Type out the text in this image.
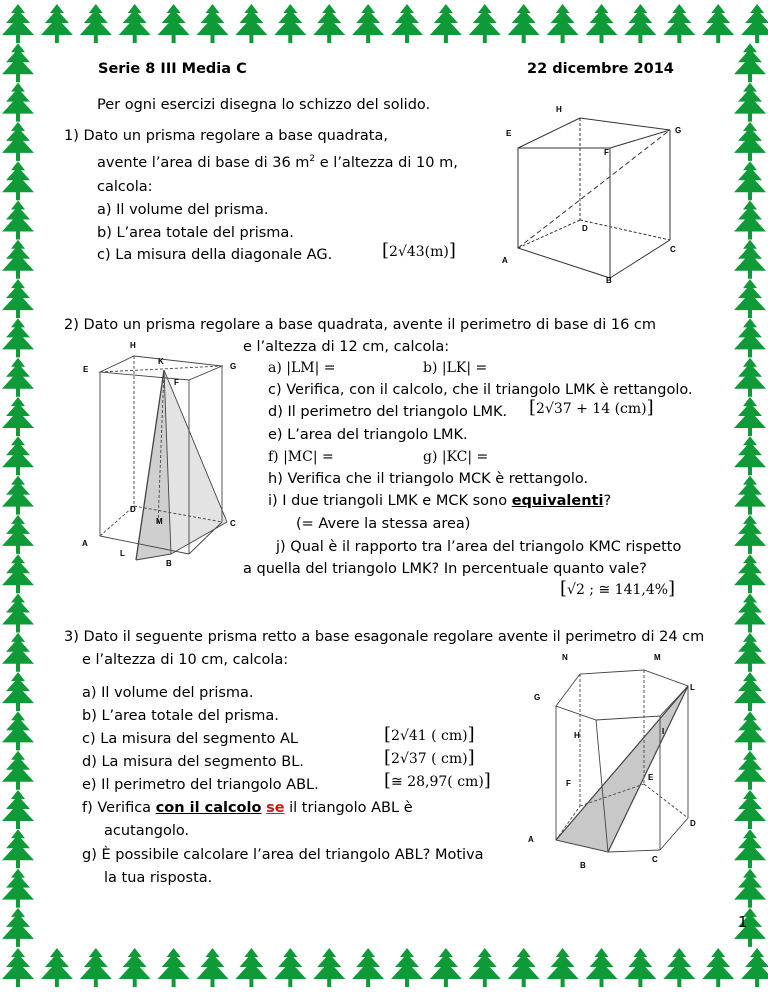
Serie 8 III Media C	22 dicembre 2014
Per ogni esercizi disegna lo schizzo del solido.
1) Dato un prisma regolare a base quadrata,
avente l’area di base di 36 $m^2$ e l’altezza di 10 m,
calcola:
a) Il volume del prisma.
b) L’area totale del prisma.
c) La misura della diagonale AG.	[2√43(m)]
H
E	G
F
D
C
A
B
2) Dato un prisma regolare a base quadrata, avente il perimetro di base di 16 cm
e l’altezza di 12 cm, calcola:
a) |LM| =	b) |LK| =
c) Verifica, con il calcolo, che il triangolo LMK è rettangolo.
d) Il perimetro del triangolo LMK. [2√37 + 14 (cm)]
e) L’area del triangolo LMK.
f) |MC| =	g) |KC| =
h) Verifica che il triangolo MCK è rettangolo.
i) I due triangoli LMK e MCK sono equivalenti?
(= Avere la stessa area)
j) Qual è il rapporto tra l’area del triangolo KMC rispetto
a quella del triangolo LMK? In percentuale quanto vale?
[√2 ; ≅ 141,4%]
H
K
E	G
F
D
M	C
A
L
B
3) Dato il seguente prisma retto a base esagonale regolare avente il perimetro di 24 cm
e l’altezza di 10 cm, calcola:
a) Il volume del prisma.
b) L’area totale del prisma.
c) La misura del segmento AL	[2√41 ( cm)]
d) La misura del segmento BL.	[2√37 ( cm)]
e) Il perimetro del triangolo ABL.	[≅ 28,97( cm)]
f) Verifica con il calcolo se il triangolo ABL è
acutangolo.
g) È possibile calcolare l’area del triangolo ABL? Motiva
la tua risposta.
N	M
G
L
H	I
F
E
D
A
B
C
1
